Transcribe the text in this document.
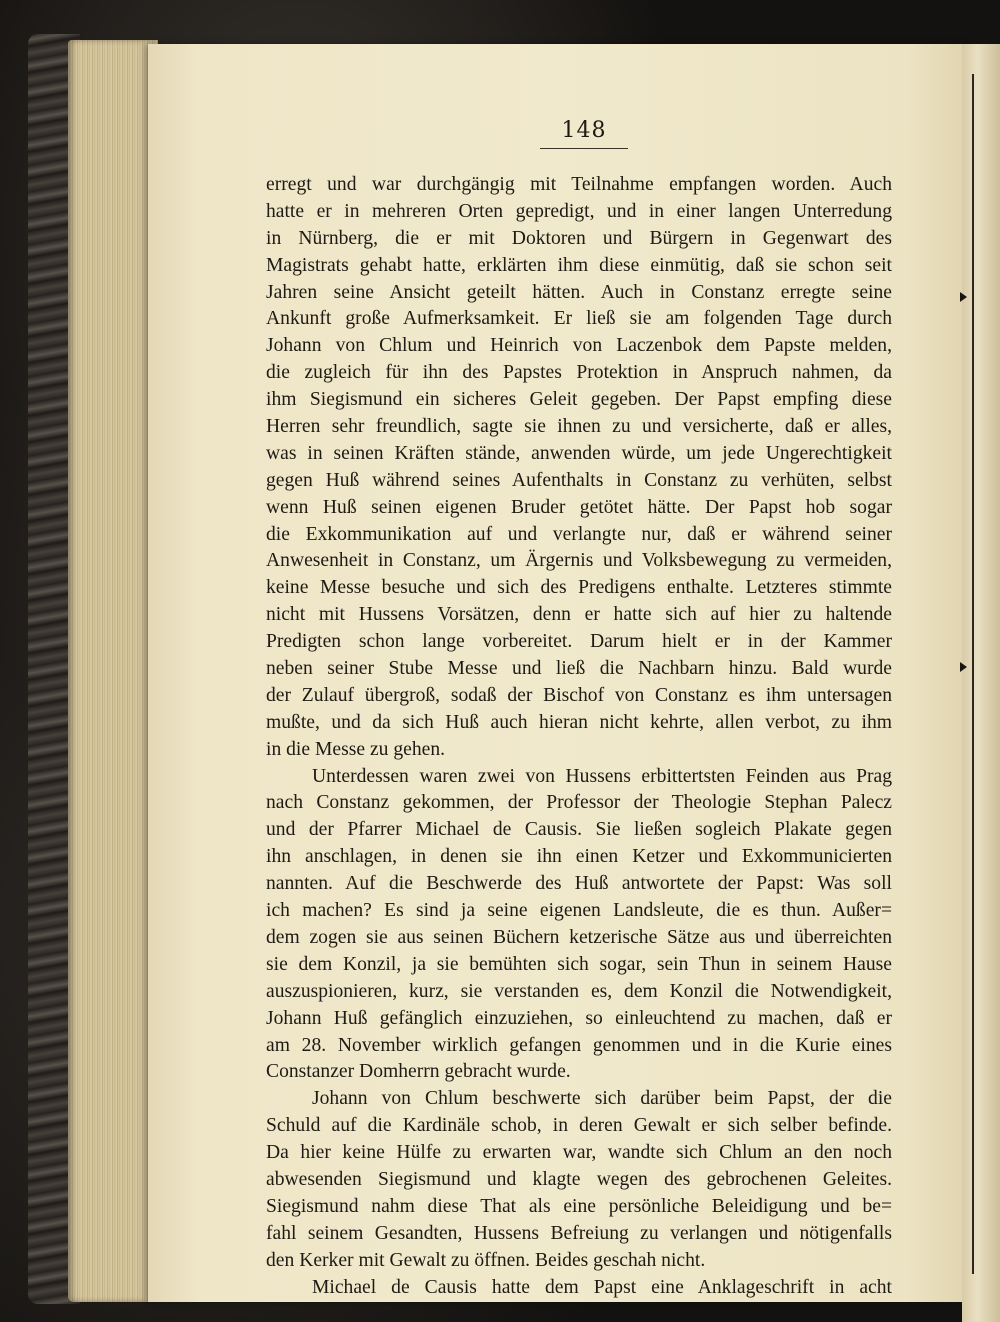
148
erregt und war durchgängig mit Teilnahme empfangen worden. Auch
hatte er in mehreren Orten gepredigt, und in einer langen Unterredung
in Nürnberg, die er mit Doktoren und Bürgern in Gegenwart des
Magistrats gehabt hatte, erklärten ihm diese einmütig, daß sie schon seit
Jahren seine Ansicht geteilt hätten. Auch in Constanz erregte seine
Ankunft große Aufmerksamkeit. Er ließ sie am folgenden Tage durch
Johann von Chlum und Heinrich von Laczenbok dem Papste melden,
die zugleich für ihn des Papstes Protektion in Anspruch nahmen, da
ihm Siegismund ein sicheres Geleit gegeben. Der Papst empfing diese
Herren sehr freundlich, sagte sie ihnen zu und versicherte, daß er alles,
was in seinen Kräften stände, anwenden würde, um jede Ungerechtigkeit
gegen Huß während seines Aufenthalts in Constanz zu verhüten, selbst
wenn Huß seinen eigenen Bruder getötet hätte. Der Papst hob sogar
die Exkommunikation auf und verlangte nur, daß er während seiner
Anwesenheit in Constanz, um Ärgernis und Volksbewegung zu vermeiden,
keine Messe besuche und sich des Predigens enthalte. Letzteres stimmte
nicht mit Hussens Vorsätzen, denn er hatte sich auf hier zu haltende
Predigten schon lange vorbereitet. Darum hielt er in der Kammer
neben seiner Stube Messe und ließ die Nachbarn hinzu. Bald wurde
der Zulauf übergroß, sodaß der Bischof von Constanz es ihm untersagen
mußte, und da sich Huß auch hieran nicht kehrte, allen verbot, zu ihm
in die Messe zu gehen.
Unterdessen waren zwei von Hussens erbittertsten Feinden aus Prag
nach Constanz gekommen, der Professor der Theologie Stephan Palecz
und der Pfarrer Michael de Causis. Sie ließen sogleich Plakate gegen
ihn anschlagen, in denen sie ihn einen Ketzer und Exkommunicierten
nannten. Auf die Beschwerde des Huß antwortete der Papst: Was soll
ich machen? Es sind ja seine eigenen Landsleute, die es thun. Außer=
dem zogen sie aus seinen Büchern ketzerische Sätze aus und überreichten
sie dem Konzil, ja sie bemühten sich sogar, sein Thun in seinem Hause
auszuspionieren, kurz, sie verstanden es, dem Konzil die Notwendigkeit,
Johann Huß gefänglich einzuziehen, so einleuchtend zu machen, daß er
am 28. November wirklich gefangen genommen und in die Kurie eines
Constanzer Domherrn gebracht wurde.
Johann von Chlum beschwerte sich darüber beim Papst, der die
Schuld auf die Kardinäle schob, in deren Gewalt er sich selber befinde.
Da hier keine Hülfe zu erwarten war, wandte sich Chlum an den noch
abwesenden Siegismund und klagte wegen des gebrochenen Geleites.
Siegismund nahm diese That als eine persönliche Beleidigung und be=
fahl seinem Gesandten, Hussens Befreiung zu verlangen und nötigenfalls
den Kerker mit Gewalt zu öffnen. Beides geschah nicht.
Michael de Causis hatte dem Papst eine Anklageschrift in acht
